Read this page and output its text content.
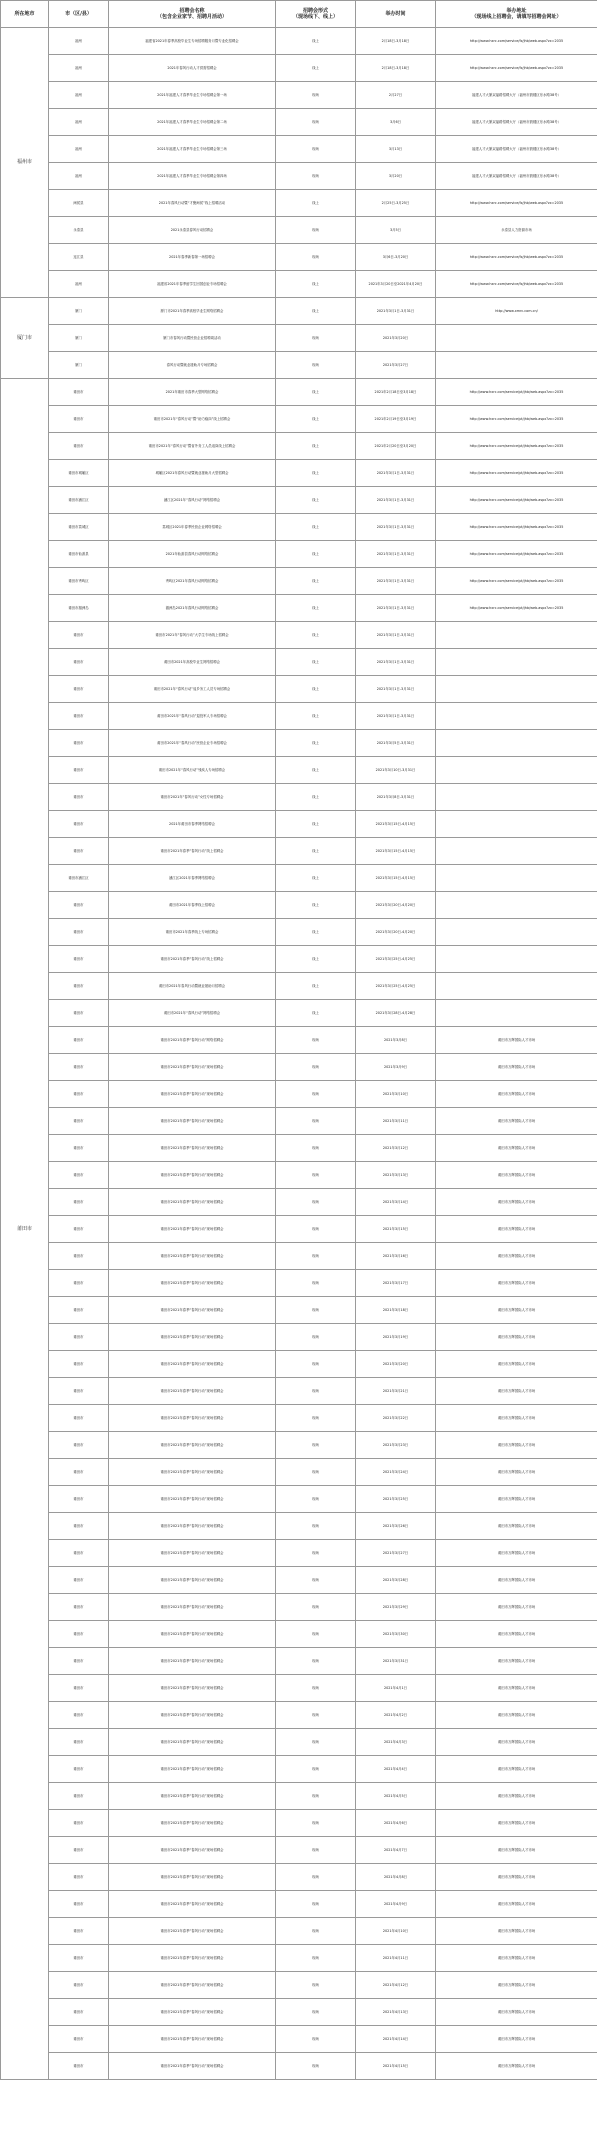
所在地市	市（区/县）	招聘会名称
（包含企业家节、招聘月活动）	招聘会形式
（现场线下、线上）	举办时间	举办地址
（现场线上招聘会，请填写招聘会网址）
福州市	福州	福建省2021年春季高校毕业生专场招聘服务月暨专业化招聘会	线上	2月18日-3月18日	http://www.hxrc.com/service/fz/jhb/web.aspx?zx=2035
	福州	2021年春风行动人才供需招聘会	线上	2月18日-3月18日	http://www.hxrc.com/service/fz/jhb/web.aspx?zx=2035
	福州	2021年福建人才春季毕业生专场招聘会第一场	现场	2月27日	福建人才大厦双福路招聘大厅（福州市鼓楼区东水路38号）
	福州	2021年福建人才春季毕业生专场招聘会第二场	现场	3月6日	福建人才大厦双福路招聘大厅（福州市鼓楼区东水路38号）
	福州	2021年福建人才春季毕业生专场招聘会第三场	现场	3月13日	福建人才大厦双福路招聘大厅（福州市鼓楼区东水路38号）
	福州	2021年福建人才春季毕业生专场招聘会第四场	现场	3月20日	福建人才大厦双福路招聘大厅（福州市鼓楼区东水路38号）
	闽侯县	2021年春风行动暨“才聚闽侯”线上招聘活动	线上	2月25日-3月25日	http://www.hxrc.com/service/fz/jhb/web.aspx?zx=2035
	永泰县	2021永泰县春风行动招聘会	现场	3月5日	永泰县人力资源市场
	连江县	2021年春季新春第一场招聘会	现场	3月6日-3月20日	http://www.hxrc.com/service/fz/jhb/web.aspx?zx=2035
	福州	福建省2021年春季留学生回国创业专场招聘会	线上	2021年3月20日至2021年4月20日	http://www.hxrc.com/service/fz/jhb/web.aspx?zx=2035
厦门市	厦门	厦门市2021年春季高校毕业生网络招聘会	线上	2021年3月1日-3月31日	http://www.xmrc.com.cn/
	厦门	厦门市春风行动暨民营企业招聘周活动	现场	2021年3月20日	
	厦门	春风行动暨就业援助月专场招聘会	现场	2021年3月27日	
莆田市	莆田市	2021年莆田市春季大型网络招聘会	线上	2021年2月18日至3月18日	http://www.hxrc.com/service/pt/jhb/web.aspx?zx=2035
	莆田市	莆田市2021年“春风行动”暨“助力稳岗”线上招聘会	线上	2021年2月19日至3月19日	http://www.hxrc.com/service/pt/jhb/web.aspx?zx=2035
	莆田市	莆田市2021年“春风行动”暨省外务工人员返岗线上招聘会	线上	2021年2月20日至3月20日	http://www.hxrc.com/service/pt/jhb/web.aspx?zx=2035
	莆田市城厢区	城厢区2021年春风行动暨就业援助月大型招聘会	线上	2021年3月1日-3月31日	http://www.hxrc.com/service/pt/jhb/web.aspx?zx=2035
	莆田市涵江区	涵江区2021年“春风行动”网络招聘会	线上	2021年3月1日-3月31日	http://www.hxrc.com/service/pt/jhb/web.aspx?zx=2035
	莆田市荔城区	荔城区2021年春季民营企业网络招聘会	线上	2021年3月1日-3月31日	http://www.hxrc.com/service/pt/jhb/web.aspx?zx=2035
	莆田市仙游县	2021年仙游县春风行动网络招聘会	线上	2021年3月1日-3月31日	http://www.hxrc.com/service/pt/jhb/web.aspx?zx=2035
	莆田市秀屿区	秀屿区2021年春风行动网络招聘会	线上	2021年3月1日-3月31日	http://www.hxrc.com/service/pt/jhb/web.aspx?zx=2035
	莆田市湄洲岛	湄洲岛2021年春风行动网络招聘会	线上	2021年3月1日-3月31日	http://www.hxrc.com/service/pt/jhb/web.aspx?zx=2035
	莆田市	莆田市2021年“春风行动”大学生专场线上招聘会	线上	2021年3月1日-3月31日	
	莆田市	莆田市2021年高校毕业生网络招聘会	线上	2021年3月1日-3月31日	
	莆田市	莆田市2021年“春风行动”返乡务工人员专场招聘会	线上	2021年3月1日-3月31日	
	莆田市	莆田市2021年“春风行动”退役军人专场招聘会	线上	2021年3月1日-3月31日	
	莆田市	莆田市2021年“春风行动”民营企业专场招聘会	线上	2021年3月5日-3月31日	
	莆田市	莆田市2021年“春风行动”残疾人专场招聘会	线上	2021年3月10日-3月31日	
	莆田市	莆田市2021年“春风行动”女性专场招聘会	线上	2021年3月8日-3月31日	
	莆田市	2021年莆田市春季网络招聘会	线上	2021年3月15日-4月15日	
	莆田市	莆田市2021年春季“春风行动”线上招聘会	线上	2021年3月15日-4月15日	
	莆田市涵江区	涵江区2021年春季网络招聘会	线上	2021年3月15日-4月15日	
	莆田市	莆田市2021年春季线上招聘会	线上	2021年3月20日-4月20日	
	莆田市	莆田市2021年春季线上专场招聘会	线上	2021年3月20日-4月20日	
	莆田市	莆田市2021年春季“春风行动”线上招聘会	线上	2021年3月25日-4月25日	
	莆田市	莆田市2021年春风行动暨就业援助月招聘会	线上	2021年3月25日-4月25日	
	莆田市	莆田市2021年“春风行动”网络招聘会	线上	2021年3月28日-4月28日	
	莆田市	莆田市2021年春季“春风行动”网络招聘会	现场	2021年3月8日	莆田市万辉国际人才市场
	莆田市	莆田市2021年春季“春风行动”现场招聘会	现场	2021年3月9日	莆田市万辉国际人才市场
	莆田市	莆田市2021年春季“春风行动”现场招聘会	现场	2021年3月10日	莆田市万辉国际人才市场
	莆田市	莆田市2021年春季“春风行动”现场招聘会	现场	2021年3月11日	莆田市万辉国际人才市场
	莆田市	莆田市2021年春季“春风行动”现场招聘会	现场	2021年3月12日	莆田市万辉国际人才市场
	莆田市	莆田市2021年春季“春风行动”现场招聘会	现场	2021年3月13日	莆田市万辉国际人才市场
	莆田市	莆田市2021年春季“春风行动”现场招聘会	现场	2021年3月14日	莆田市万辉国际人才市场
	莆田市	莆田市2021年春季“春风行动”现场招聘会	现场	2021年3月15日	莆田市万辉国际人才市场
	莆田市	莆田市2021年春季“春风行动”现场招聘会	现场	2021年3月16日	莆田市万辉国际人才市场
	莆田市	莆田市2021年春季“春风行动”现场招聘会	现场	2021年3月17日	莆田市万辉国际人才市场
	莆田市	莆田市2021年春季“春风行动”现场招聘会	现场	2021年3月18日	莆田市万辉国际人才市场
	莆田市	莆田市2021年春季“春风行动”现场招聘会	现场	2021年3月19日	莆田市万辉国际人才市场
	莆田市	莆田市2021年春季“春风行动”现场招聘会	现场	2021年3月20日	莆田市万辉国际人才市场
	莆田市	莆田市2021年春季“春风行动”现场招聘会	现场	2021年3月21日	莆田市万辉国际人才市场
	莆田市	莆田市2021年春季“春风行动”现场招聘会	现场	2021年3月22日	莆田市万辉国际人才市场
	莆田市	莆田市2021年春季“春风行动”现场招聘会	现场	2021年3月23日	莆田市万辉国际人才市场
	莆田市	莆田市2021年春季“春风行动”现场招聘会	现场	2021年3月24日	莆田市万辉国际人才市场
	莆田市	莆田市2021年春季“春风行动”现场招聘会	现场	2021年3月25日	莆田市万辉国际人才市场
	莆田市	莆田市2021年春季“春风行动”现场招聘会	现场	2021年3月26日	莆田市万辉国际人才市场
	莆田市	莆田市2021年春季“春风行动”现场招聘会	现场	2021年3月27日	莆田市万辉国际人才市场
	莆田市	莆田市2021年春季“春风行动”现场招聘会	现场	2021年3月28日	莆田市万辉国际人才市场
	莆田市	莆田市2021年春季“春风行动”现场招聘会	现场	2021年3月29日	莆田市万辉国际人才市场
	莆田市	莆田市2021年春季“春风行动”现场招聘会	现场	2021年3月30日	莆田市万辉国际人才市场
	莆田市	莆田市2021年春季“春风行动”现场招聘会	现场	2021年3月31日	莆田市万辉国际人才市场
	莆田市	莆田市2021年春季“春风行动”现场招聘会	现场	2021年4月1日	莆田市万辉国际人才市场
	莆田市	莆田市2021年春季“春风行动”现场招聘会	现场	2021年4月2日	莆田市万辉国际人才市场
	莆田市	莆田市2021年春季“春风行动”现场招聘会	现场	2021年4月3日	莆田市万辉国际人才市场
	莆田市	莆田市2021年春季“春风行动”现场招聘会	现场	2021年4月4日	莆田市万辉国际人才市场
	莆田市	莆田市2021年春季“春风行动”现场招聘会	现场	2021年4月5日	莆田市万辉国际人才市场
	莆田市	莆田市2021年春季“春风行动”现场招聘会	现场	2021年4月6日	莆田市万辉国际人才市场
	莆田市	莆田市2021年春季“春风行动”现场招聘会	现场	2021年4月7日	莆田市万辉国际人才市场
	莆田市	莆田市2021年春季“春风行动”现场招聘会	现场	2021年4月8日	莆田市万辉国际人才市场
	莆田市	莆田市2021年春季“春风行动”现场招聘会	现场	2021年4月9日	莆田市万辉国际人才市场
	莆田市	莆田市2021年春季“春风行动”现场招聘会	现场	2021年4月10日	莆田市万辉国际人才市场
	莆田市	莆田市2021年春季“春风行动”现场招聘会	现场	2021年4月11日	莆田市万辉国际人才市场
	莆田市	莆田市2021年春季“春风行动”现场招聘会	现场	2021年4月12日	莆田市万辉国际人才市场
	莆田市	莆田市2021年春季“春风行动”现场招聘会	现场	2021年4月13日	莆田市万辉国际人才市场
	莆田市	莆田市2021年春季“春风行动”现场招聘会	现场	2021年4月14日	莆田市万辉国际人才市场
	莆田市	莆田市2021年春季“春风行动”现场招聘会	现场	2021年4月15日	莆田市万辉国际人才市场
